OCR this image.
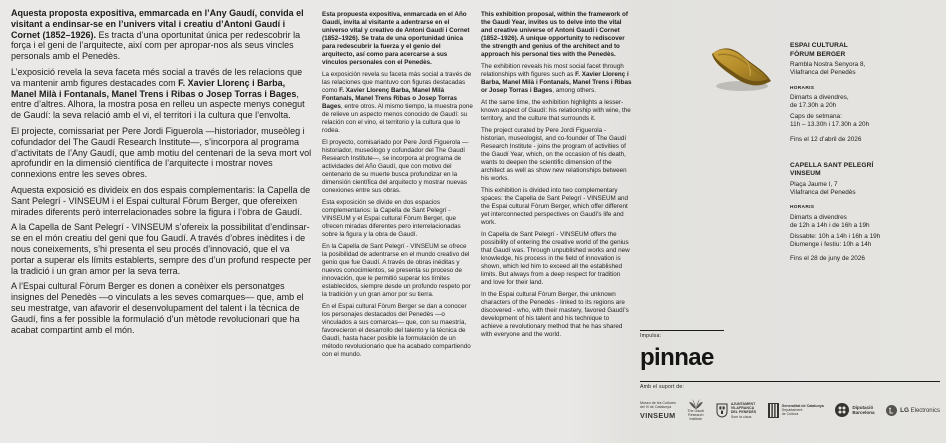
Aquesta proposta expositiva, emmarcada en l’Any Gaudí, convida el visitant a endinsar-se en l’univers vital i creatiu d’Antoni Gaudí i Cornet (1852–1926). Es tracta d’una oportunitat única per redescobrir la força i el geni de l’arquitecte, així com per apropar-nos als seus vincles personals amb el Penedès.

L’exposició revela la seva faceta més social a través de les relacions que va mantenir amb figures destacades com F. Xavier Llorenç i Barba, Manel Milà i Fontanals, Manel Trens i Ribas o Josep Torras i Bages, entre d’altres. Alhora, la mostra posa en relleu un aspecte menys conegut de Gaudí: la seva relació amb el vi, el territori i la cultura que l’envolta.

El projecte, comissariat per Pere Jordi Figuerola —historiador, museòleg i cofundador del The Gaudí Research Institute—, s’incorpora al programa d’activitats de l’Any Gaudí, que amb motiu del centenari de la seva mort vol aprofundir en la dimensió científica de l’arquitecte i mostrar noves connexions entre les seves obres.

Aquesta exposició es divideix en dos espais complementaris: la Capella de Sant Pelegrí - VINSEUM i el Espai cultural Fòrum Berger, que ofereixen mirades diferents però interrelacionades sobre la figura i l’obra de Gaudí.

A la Capella de Sant Pelegrí - VINSEUM s’ofereix la possibilitat d’endinsar-se en el món creatiu del geni que fou Gaudí. A través d’obres inèdites i de nous coneixements, s’hi presenta el seu procés d’innovació, que el va portar a superar els límits establerts, sempre des d’un profund respecte per la tradició i un gran amor per la seva terra.

A l’Espai cultural Fòrum Berger es donen a conèixer els personatges insignes del Penedès —o vinculats a les seves comarques— que, amb el seu mestratge, van afavorir el desenvolupament del talent i la tècnica de Gaudí, fins a fer possible la formulació d’un mètode revolucionari que ha acabat compartint amb el món.

Esta propuesta expositiva, enmarcada en el Año Gaudí, invita al visitante a adentrarse en el universo vital y creativo de Antoni Gaudí i Cornet (1852–1926). Se trata de una oportunidad única para redescubrir la fuerza y el genio del arquitecto, así como para acercarse a sus vínculos personales con el Penedès.

La exposición revela su faceta más social a través de las relaciones que mantuvo con figuras destacadas como F. Xavier Llorenç Barba, Manel Milà Fontanals, Manel Trens Ribas o Josep Torras Bages, entre otros. Al mismo tiempo, la muestra pone de relieve un aspecto menos conocido de Gaudí: su relación con el vino, el territorio y la cultura que lo rodea.

El proyecto, comisariado por Pere Jordi Figuerola —historiador, museólogo y cofundador del The Gaudí Research Institute—, se incorpora al programa de actividades del Año Gaudí, que con motivo del centenario de su muerte busca profundizar en la dimensión científica del arquitecto y mostrar nuevas conexiones entre sus obras.

Esta exposición se divide en dos espacios complementarios: la Capella de Sant Pelegrí - VINSEUM y el Espai cultural Fòrum Berger, que ofrecen miradas diferentes pero interrelacionadas sobre la figura y la obra de Gaudí.

En la Capella de Sant Pelegrí - VINSEUM se ofrece la posibilidad de adentrarse en el mundo creativo del genio que fue Gaudí. A través de obras inéditas y nuevos conocimientos, se presenta su proceso de innovación, que le permitió superar los límites establecidos, siempre desde un profundo respeto por la tradición y un gran amor por su tierra.

En el Espai cultural Fòrum Berger se dan a conocer los personajes destacados del Penedès —o vinculados a sus comarcas— que, con su maestría, favorecieron el desarrollo del talento y la técnica de Gaudí, hasta hacer posible la formulación de un método revolucionario que ha acabado compartiendo con el mundo.

This exhibition proposal, within the framework of the Gaudí Year, invites us to delve into the vital and creative universe of Antoni Gaudí i Cornet (1852–1926). A unique opportunity to rediscover the strength and genius of the architect and to approach his personal ties with the Penedès.

The exhibition reveals his most social facet through relationships with figures such as F. Xavier Llorenç i Barba, Manel Milà i Fontanals, Manel Trens i Ribas or Josep Torras i Bages, among others.

At the same time, the exhibition highlights a lesser-known aspect of Gaudí: his relationship with wine, the territory, and the culture that surrounds it.

The project curated by Pere Jordi Figuerola - historian, museologist, and co-founder of The Gaudí Research Institute - joins the program of activities of the Gaudí Year, which, on the occasion of his death, wants to deepen the scientific dimension of the architect as well as show new relationships between his works.

This exhibition is divided into two complementary spaces: the Capella de Sant Pelegrí - VINSEUM and the Espai cultural Fòrum Berger, which offer different yet interconnected perspectives on Gaudí's life and work.

In Capella de Sant Pelegrí - VINSEUM offers the possibility of entering the creative world of the genius that Gaudí was. Through unpublished works and new knowledge, his process in the field of innovation is shown, which led him to exceed all the established limits. But always from a deep respect for tradition and love for their land.

In the Espai cultural Fòrum Berger, the unknown characters of the Penedès - linked to its regions are discovered - who, with their mastery, favored Gaudí's development of his talent and his technique to achieve a revolutionary method that he has shared with everyone and the world.

ESPAI CULTURAL
FÒRUM BERGER
Rambla Nostra Senyora 8,
Vilafranca del Penedès
HORARIS
Dimarts a divendres,
de 17.30h a 20h
Caps de setmana:
11h – 13.30h i 17.30h a 20h
Fins el 12 d’abril de 2026
CAPELLA SANT PELEGRÍ
VINSEUM
Plaça Jaume I, 7
Vilafranca del Penedès
HORARIS
Dimarts a divendres
de 12h a 14h i de 16h a 19h
Dissabte: 10h a 14h i 16h a 19h
Diumenge i festiu: 10h a 14h
Fins el 28 de juny de 2026
Impulsa:
pinnae
Amb el suport de:
Museu de les Cultures
del Vi de Catalunya
VINSEUM	The Gaudí
Research
Institute
AJUNTAMENT
VILAFRANCA
DEL PENEDÈS
Som la claus
Generalitat de Catalunya
Departament
de Cultura
Diputació
Barcelona	LG Electronics
